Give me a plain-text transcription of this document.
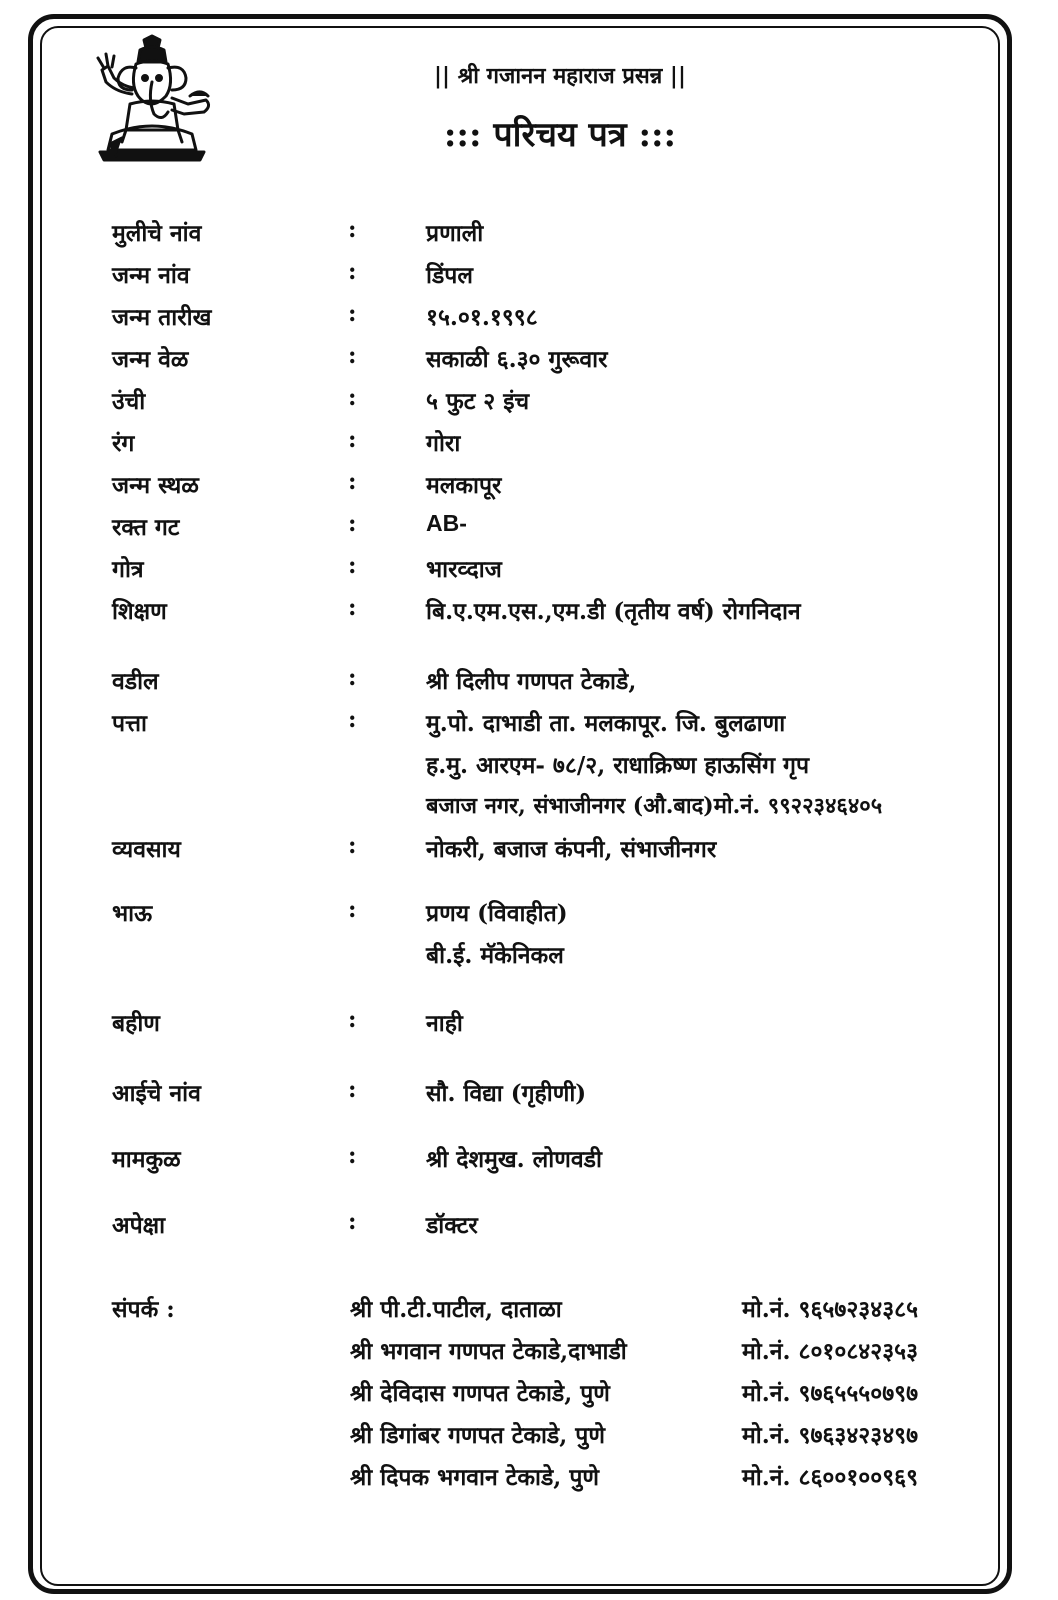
|| श्री गजानन महाराज प्रसन्न ||
::: परिचय पत्र :::
मुलीचे नांव	:	प्रणाली
जन्म नांव	:	डिंपल
जन्म तारीख	:	१५.०१.१९९८
जन्म वेळ	:	सकाळी ६.३० गुरूवार
उंची	:	५ फुट २ इंच
रंग	:	गोरा
जन्म स्थळ	:	मलकापूर
रक्त गट	:	AB-
गोत्र	:	भारव्दाज
शिक्षण	:	बि.ए.एम.एस.,एम.डी (तृतीय वर्ष) रोगनिदान
वडील	:	श्री दिलीप गणपत टेकाडे,
पत्ता	:	मु.पो. दाभाडी ता. मलकापूर. जि. बुलढाणा
ह.मु. आरएम- ७८/२, राधाक्रिष्ण हाऊसिंग गृप
बजाज नगर, संभाजीनगर (औ.बाद)मो.नं. ९९२२३४६४०५
व्यवसाय	:	नोकरी, बजाज कंपनी, संभाजीनगर
भाऊ	:	प्रणय (विवाहीत)
बी.ई. मॅकेनिकल
बहीण	:	नाही
आईचे नांव	:	सौ. विद्या (गृहीणी)
मामकुळ	:	श्री देशमुख. लोणवडी
अपेक्षा	:	डॉक्टर
संपर्क :	श्री पी.टी.पाटील, दाताळा	मो.नं. ९६५७२३४३८५
श्री भगवान गणपत टेकाडे,दाभाडी	मो.नं. ८०१०८४२३५३
श्री देविदास गणपत टेकाडे, पुणे	मो.नं. ९७६५५५०७९७
श्री डिगांबर गणपत टेकाडे, पुणे	मो.नं. ९७६३४२३४९७
श्री दिपक भगवान टेकाडे, पुणे	मो.नं. ८६००१००९६९
